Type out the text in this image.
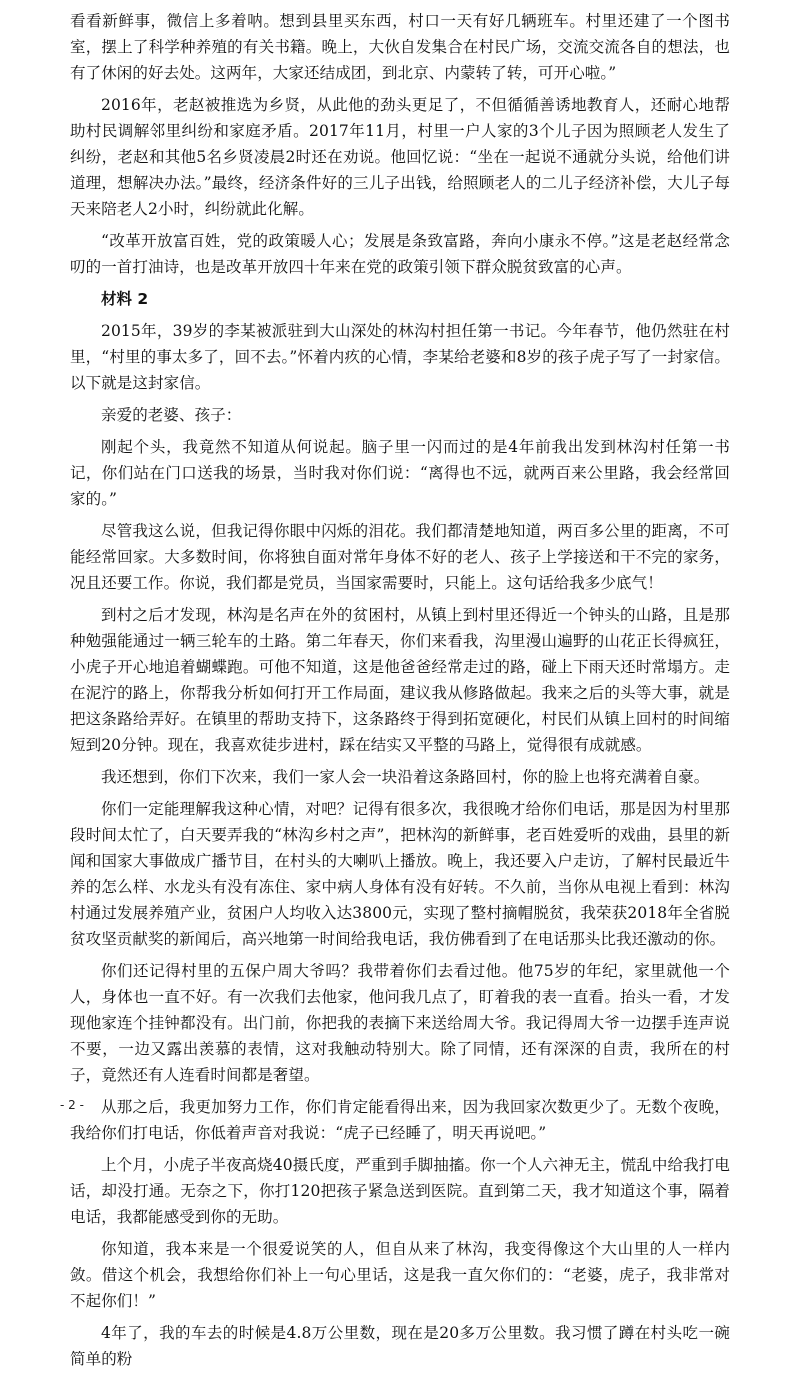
看看新鲜事，微信上多着呐。想到县里买东西，村口一天有好几辆班车。村里还建了一个图书室，摆上了科学种养殖的有关书籍。晚上，大伙自发集合在村民广场，交流交流各自的想法，也有了休闲的好去处。这两年，大家还结成团，到北京、内蒙转了转，可开心啦。”

2016年，老赵被推选为乡贤，从此他的劲头更足了，不但循循善诱地教育人，还耐心地帮助村民调解邻里纠纷和家庭矛盾。2017年11月，村里一户人家的3个儿子因为照顾老人发生了纠纷，老赵和其他5名乡贤凌晨2时还在劝说。他回忆说：“坐在一起说不通就分头说，给他们讲道理，想解决办法。”最终，经济条件好的三儿子出钱，给照顾老人的二儿子经济补偿，大儿子每天来陪老人2小时，纠纷就此化解。

“改革开放富百姓，党的政策暖人心；发展是条致富路，奔向小康永不停。”这是老赵经常念叨的一首打油诗，也是改革开放四十年来在党的政策引领下群众脱贫致富的心声。

材料 2

2015年，39岁的李某被派驻到大山深处的林沟村担任第一书记。今年春节，他仍然驻在村里，“村里的事太多了，回不去。”怀着内疚的心情，李某给老婆和8岁的孩子虎子写了一封家信。以下就是这封家信。

亲爱的老婆、孩子：

刚起个头，我竟然不知道从何说起。脑子里一闪而过的是4年前我出发到林沟村任第一书记，你们站在门口送我的场景，当时我对你们说：“离得也不远，就两百来公里路，我会经常回家的。”

尽管我这么说，但我记得你眼中闪烁的泪花。我们都清楚地知道，两百多公里的距离，不可能经常回家。大多数时间，你将独自面对常年身体不好的老人、孩子上学接送和干不完的家务，况且还要工作。你说，我们都是党员，当国家需要时，只能上。这句话给我多少底气！

到村之后才发现，林沟是名声在外的贫困村，从镇上到村里还得近一个钟头的山路，且是那种勉强能通过一辆三轮车的土路。第二年春天，你们来看我，沟里漫山遍野的山花正长得疯狂，小虎子开心地追着蝴蝶跑。可他不知道，这是他爸爸经常走过的路，碰上下雨天还时常塌方。走在泥泞的路上，你帮我分析如何打开工作局面，建议我从修路做起。我来之后的头等大事，就是把这条路给弄好。在镇里的帮助支持下，这条路终于得到拓宽硬化，村民们从镇上回村的时间缩短到20分钟。现在，我喜欢徒步进村，踩在结实又平整的马路上，觉得很有成就感。

我还想到，你们下次来，我们一家人会一块沿着这条路回村，你的脸上也将充满着自豪。

你们一定能理解我这种心情，对吧？记得有很多次，我很晚才给你们电话，那是因为村里那段时间太忙了，白天要弄我的“林沟乡村之声”，把林沟的新鲜事，老百姓爱听的戏曲，县里的新闻和国家大事做成广播节目，在村头的大喇叭上播放。晚上，我还要入户走访，了解村民最近牛养的怎么样、水龙头有没有冻住、家中病人身体有没有好转。不久前，当你从电视上看到：林沟村通过发展养殖产业，贫困户人均收入达3800元，实现了整村摘帽脱贫，我荣获2018年全省脱贫攻坚贡献奖的新闻后，高兴地第一时间给我电话，我仿佛看到了在电话那头比我还激动的你。

你们还记得村里的五保户周大爷吗？我带着你们去看过他。他75岁的年纪，家里就他一个人，身体也一直不好。有一次我们去他家，他问我几点了，盯着我的表一直看。抬头一看，才发现他家连个挂钟都没有。出门前，你把我的表摘下来送给周大爷。我记得周大爷一边摆手连声说不要，一边又露出羡慕的表情，这对我触动特别大。除了同情，还有深深的自责，我所在的村子，竟然还有人连看时间都是奢望。

从那之后，我更加努力工作，你们肯定能看得出来，因为我回家次数更少了。无数个夜晚，我给你们打电话，你低着声音对我说：“虎子已经睡了，明天再说吧。”

上个月，小虎子半夜高烧40摄氏度，严重到手脚抽搐。你一个人六神无主，慌乱中给我打电话，却没打通。无奈之下，你打120把孩子紧急送到医院。直到第二天，我才知道这个事，隔着电话，我都能感受到你的无助。

你知道，我本来是一个很爱说笑的人，但自从来了林沟，我变得像这个大山里的人一样内敛。借这个机会，我想给你们补上一句心里话，这是我一直欠你们的：“老婆，虎子，我非常对不起你们！”

4年了，我的车去的时候是4.8万公里数，现在是20多万公里数。我习惯了蹲在村头吃一碗简单的粉

- 2 -
